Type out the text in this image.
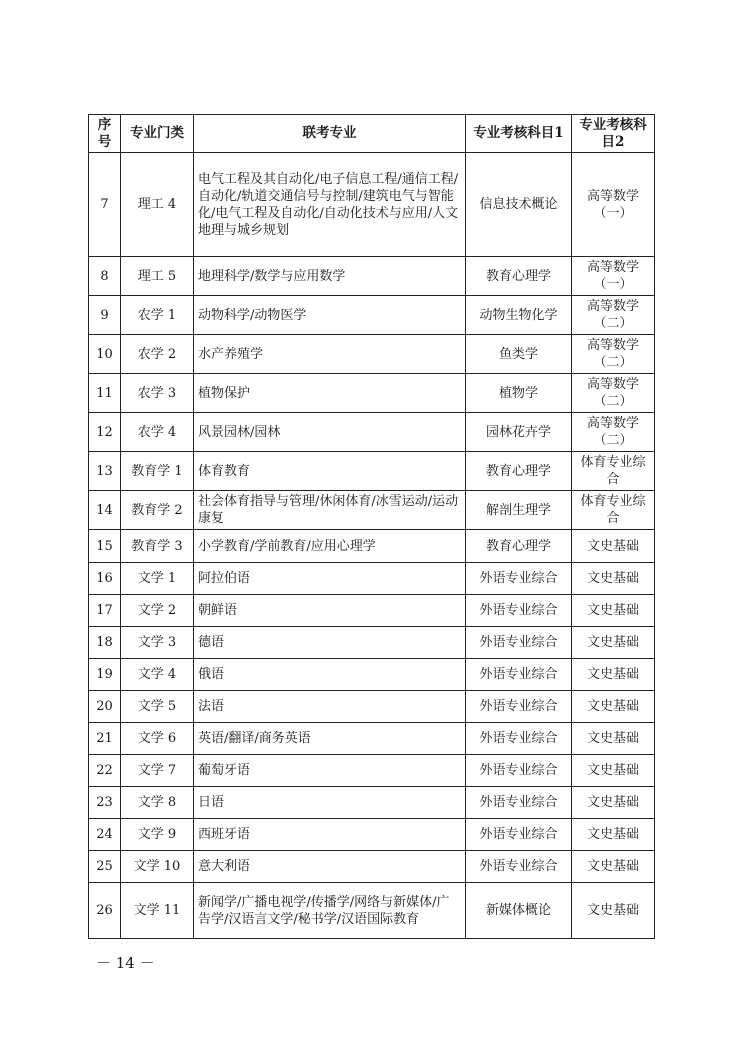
序号	专业门类	联考专业	专业考核科目1	专业考核科目2
7	理工 4	电气工程及其自动化/电子信息工程/通信工程/自动化/轨道交通信号与控制/建筑电气与智能化/电气工程及自动化/自动化技术与应用/人文地理与城乡规划	信息技术概论	高等数学（一）
8	理工 5	地理科学/数学与应用数学	教育心理学	高等数学（一）
9	农学 1	动物科学/动物医学	动物生物化学	高等数学（二）
10	农学 2	水产养殖学	鱼类学	高等数学（二）
11	农学 3	植物保护	植物学	高等数学（二）
12	农学 4	风景园林/园林	园林花卉学	高等数学（二）
13	教育学 1	体育教育	教育心理学	体育专业综合
14	教育学 2	社会体育指导与管理/休闲体育/冰雪运动/运动康复	解剖生理学	体育专业综合
15	教育学 3	小学教育/学前教育/应用心理学	教育心理学	文史基础
16	文学 1	阿拉伯语	外语专业综合	文史基础
17	文学 2	朝鲜语	外语专业综合	文史基础
18	文学 3	德语	外语专业综合	文史基础
19	文学 4	俄语	外语专业综合	文史基础
20	文学 5	法语	外语专业综合	文史基础
21	文学 6	英语/翻译/商务英语	外语专业综合	文史基础
22	文学 7	葡萄牙语	外语专业综合	文史基础
23	文学 8	日语	外语专业综合	文史基础
24	文学 9	西班牙语	外语专业综合	文史基础
25	文学 10	意大利语	外语专业综合	文史基础
26	文学 11	新闻学/广播电视学/传播学/网络与新媒体/广告学/汉语言文学/秘书学/汉语国际教育	新媒体概论	文史基础
－ 14 －
